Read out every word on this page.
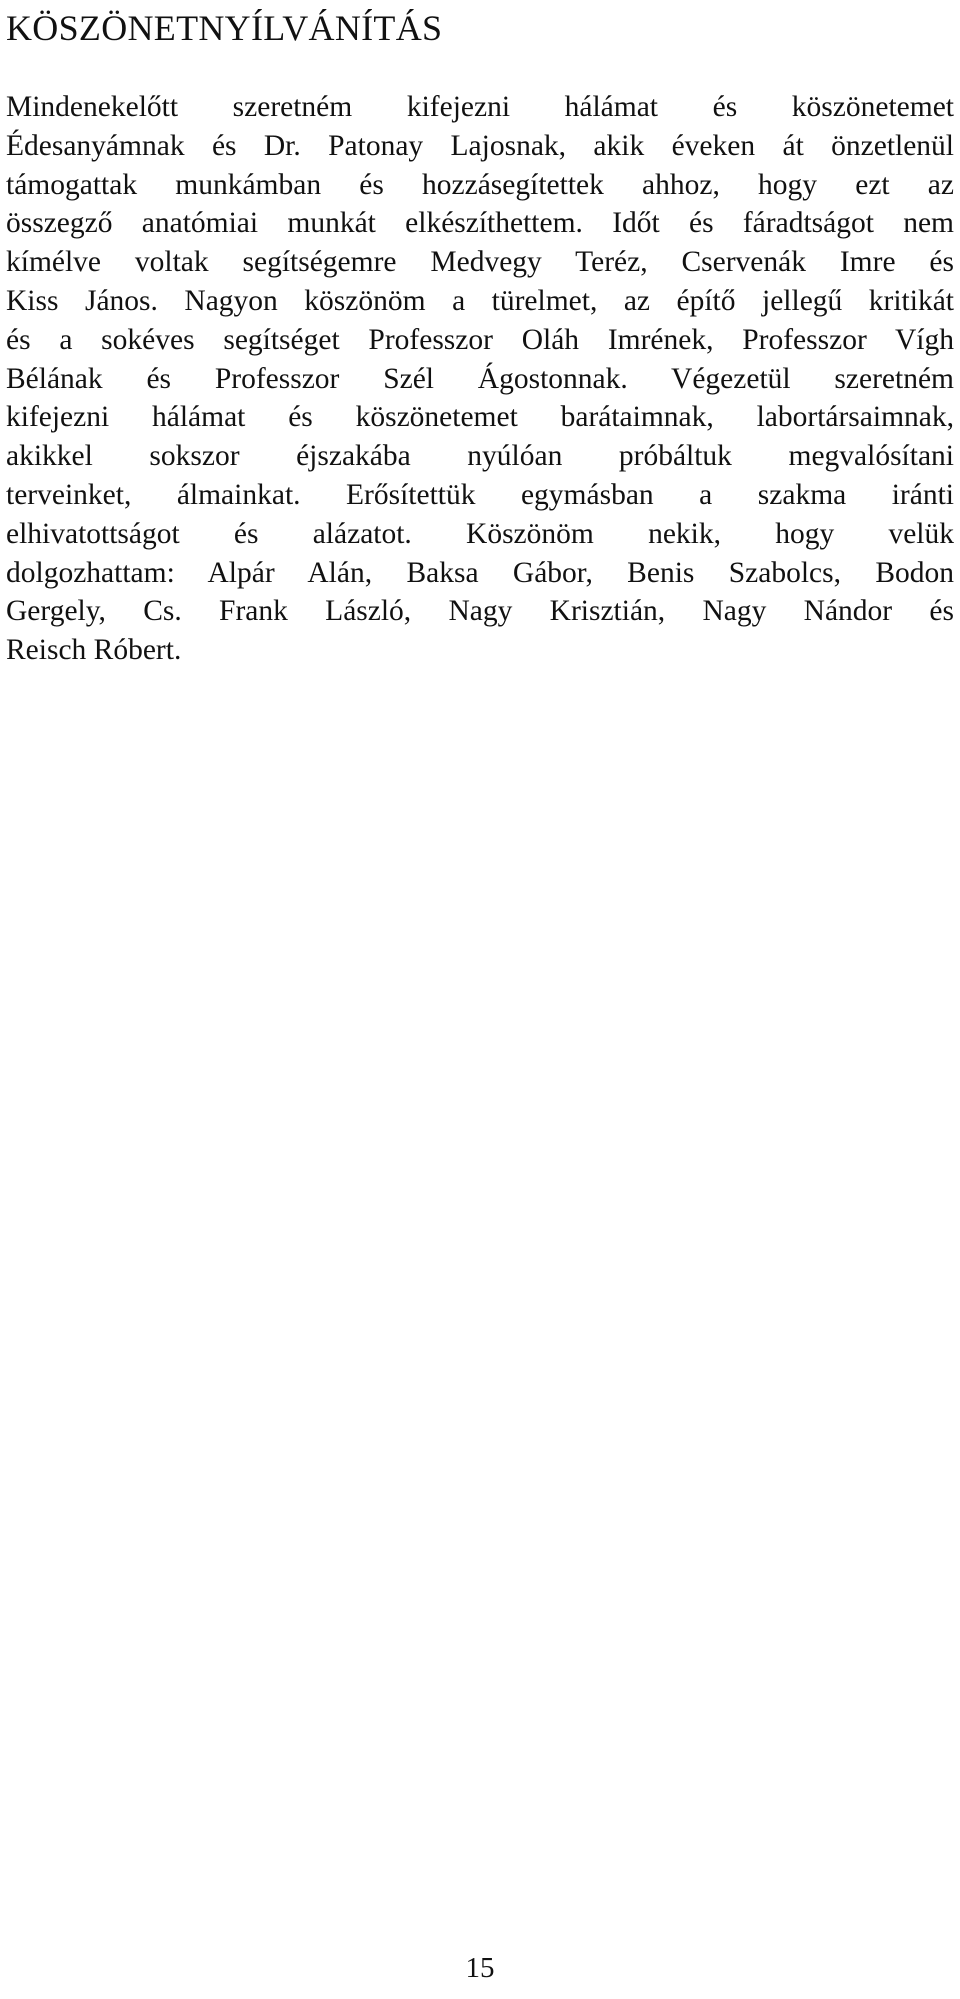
KÖSZÖNETNYÍLVÁNÍTÁS

Mindenekelőtt szeretném kifejezni hálámat és köszönetemet
Édesanyámnak és Dr. Patonay Lajosnak, akik éveken át önzetlenül
támogattak munkámban és hozzásegítettek ahhoz, hogy ezt az
összegző anatómiai munkát elkészíthettem. Időt és fáradtságot nem
kímélve voltak segítségemre Medvegy Teréz, Cservenák Imre és
Kiss János. Nagyon köszönöm a türelmet, az építő jellegű kritikát
és a sokéves segítséget Professzor Oláh Imrének, Professzor Vígh
Bélának és Professzor Szél Ágostonnak. Végezetül szeretném
kifejezni hálámat és köszönetemet barátaimnak, labortársaimnak,
akikkel sokszor éjszakába nyúlóan próbáltuk megvalósítani
terveinket, álmainkat. Erősítettük egymásban a szakma iránti
elhivatottságot és alázatot. Köszönöm nekik, hogy velük
dolgozhattam: Alpár Alán, Baksa Gábor, Benis Szabolcs, Bodon
Gergely, Cs. Frank László, Nagy Krisztián, Nagy Nándor és
Reisch Róbert.

15
